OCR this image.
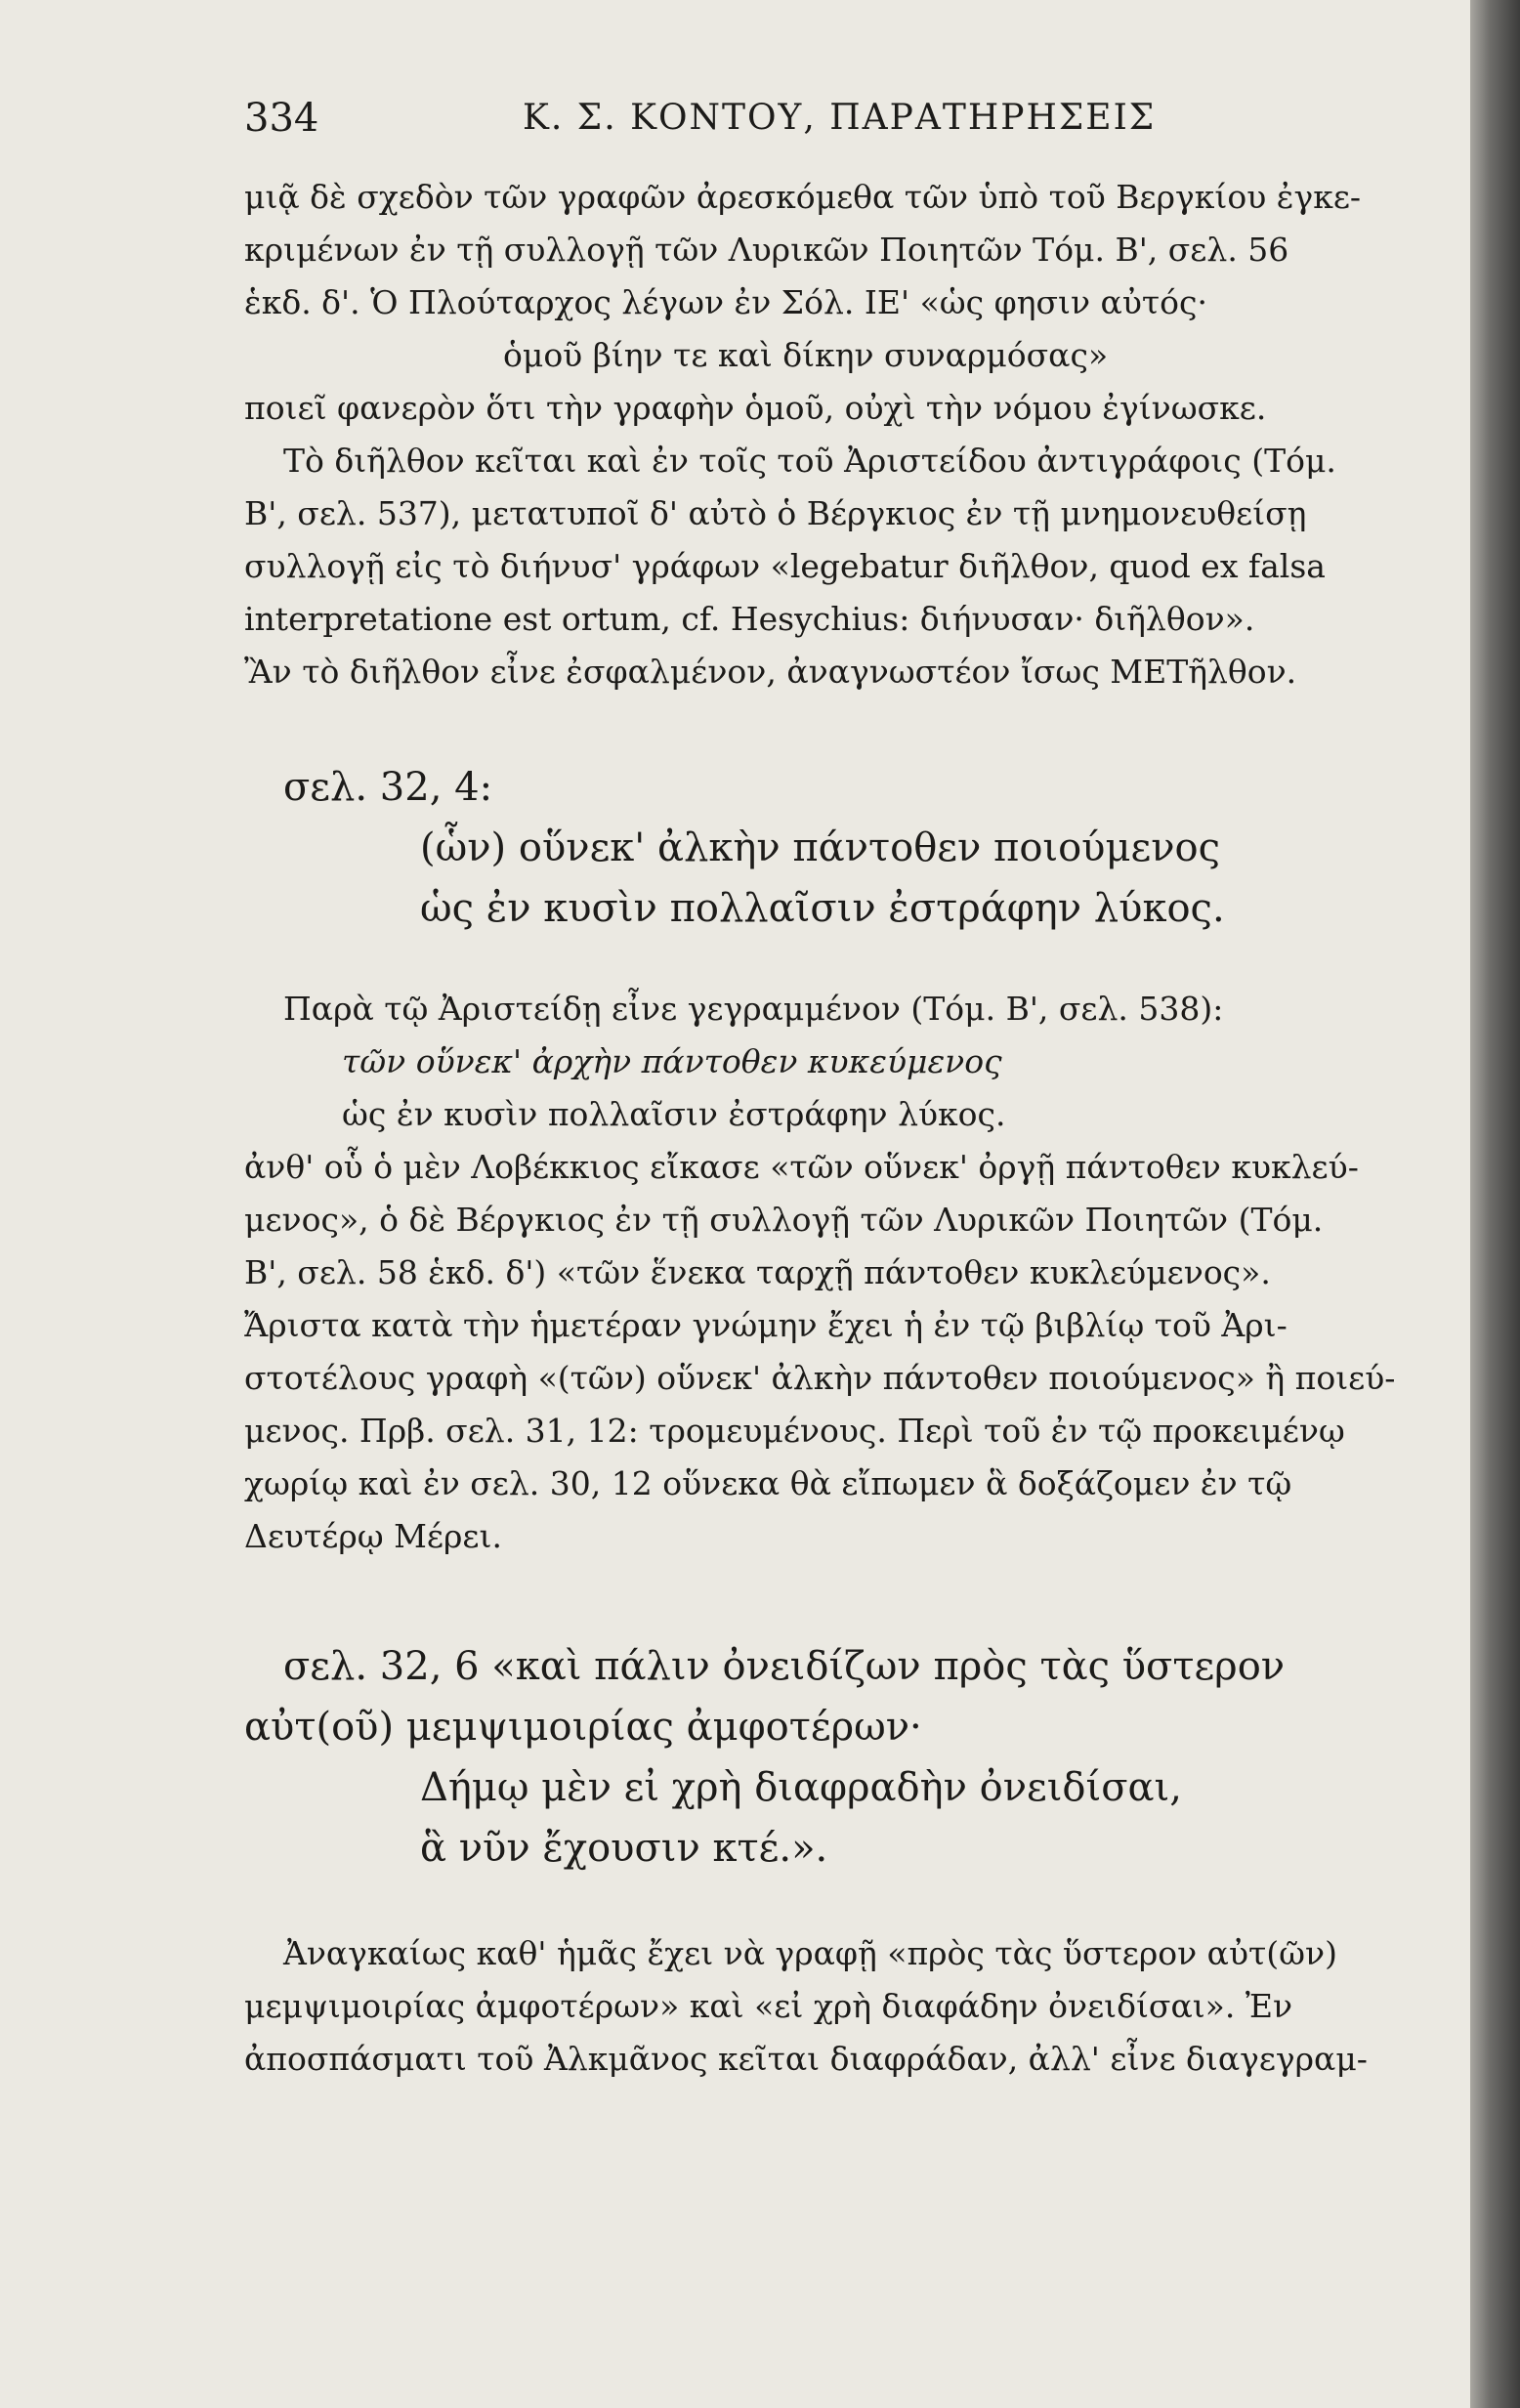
334	Κ. Σ. ΚΟΝΤΟΥ, ΠΑΡΑΤΗΡΗΣΕΙΣ
μιᾷ δὲ σχεδὸν τῶν γραφῶν ἀρεσκόμεθα τῶν ὑπὸ τοῦ Βεργκίου ἐγκε-
κριμένων ἐν τῇ συλλογῇ τῶν Λυρικῶν Ποιητῶν Τόμ. Β', σελ. 56
ἑκδ. δ'. Ὁ Πλούταρχος λέγων ἐν Σόλ. ΙΕ' «ὡς φησιν αὐτός·
ὁμοῦ βίην τε καὶ δίκην συναρμόσας»
ποιεῖ φανερὸν ὅτι τὴν γραφὴν ὁμοῦ, οὐχὶ τὴν νόμου ἐγίνωσκε.
Τὸ διῆλθον κεῖται καὶ ἐν τοῖς τοῦ Ἀριστείδου ἀντιγράφοις (Τόμ.
Β', σελ. 537), μετατυποῖ δ' αὐτὸ ὁ Βέργκιος ἐν τῇ μνημονευθείσῃ
συλλογῇ εἰς τὸ διήνυσ' γράφων «legebatur διῆλθον, quod ex falsa
interpretatione est ortum, cf. Hesychius: διήνυσαν· διῆλθον».
Ἂν τὸ διῆλθον εἶνε ἐσφαλμένον, ἀναγνωστέον ἴσως ΜΕΤῆλθον.
σελ. 32, 4:
(ὧν) οὕνεκ' ἀλκὴν πάντοθεν ποιούμενος
ὡς ἐν κυσὶν πολλαῖσιν ἐστράφην λύκος.
Παρὰ τῷ Ἀριστείδῃ εἶνε γεγραμμένον (Τόμ. Β', σελ. 538):
τῶν οὕνεκ' ἀρχὴν πάντοθεν κυκεύμενος
ὡς ἐν κυσὶν πολλαῖσιν ἐστράφην λύκος.
ἀνθ' οὗ ὁ μὲν Λοβέκκιος εἴκασε «τῶν οὕνεκ' ὀργῇ πάντοθεν κυκλεύ-
μενος», ὁ δὲ Βέργκιος ἐν τῇ συλλογῇ τῶν Λυρικῶν Ποιητῶν (Τόμ.
Β', σελ. 58 ἑκδ. δ') «τῶν ἕνεκα ταρχῇ πάντοθεν κυκλεύμενος».
Ἄριστα κατὰ τὴν ἡμετέραν γνώμην ἔχει ἡ ἐν τῷ βιβλίῳ τοῦ Ἀρι-
στοτέλους γραφὴ «(τῶν) οὕνεκ' ἀλκὴν πάντοθεν ποιούμενος» ἢ ποιεύ-
μενος. Πρβ. σελ. 31, 12: τρομευμένους. Περὶ τοῦ ἐν τῷ προκειμένῳ
χωρίῳ καὶ ἐν σελ. 30, 12 οὕνεκα θὰ εἴπωμεν ἃ δοξάζομεν ἐν τῷ
Δευτέρῳ Μέρει.
σελ. 32, 6 «καὶ πάλιν ὀνειδίζων πρὸς τὰς ὕστερον
αὐτ(οῦ) μεμψιμοιρίας ἀμφοτέρων·
Δήμῳ μὲν εἰ χρὴ διαφραδὴν ὀνειδίσαι,
ἃ νῦν ἔχουσιν κτέ.».
Ἀναγκαίως καθ' ἡμᾶς ἔχει νὰ γραφῇ «πρὸς τὰς ὕστερον αὐτ(ῶν)
μεμψιμοιρίας ἀμφοτέρων» καὶ «εἰ χρὴ διαφάδην ὀνειδίσαι». Ἐν
ἀποσπάσματι τοῦ Ἀλκμᾶνος κεῖται διαφράδαν, ἀλλ' εἶνε διαγεγραμ-
